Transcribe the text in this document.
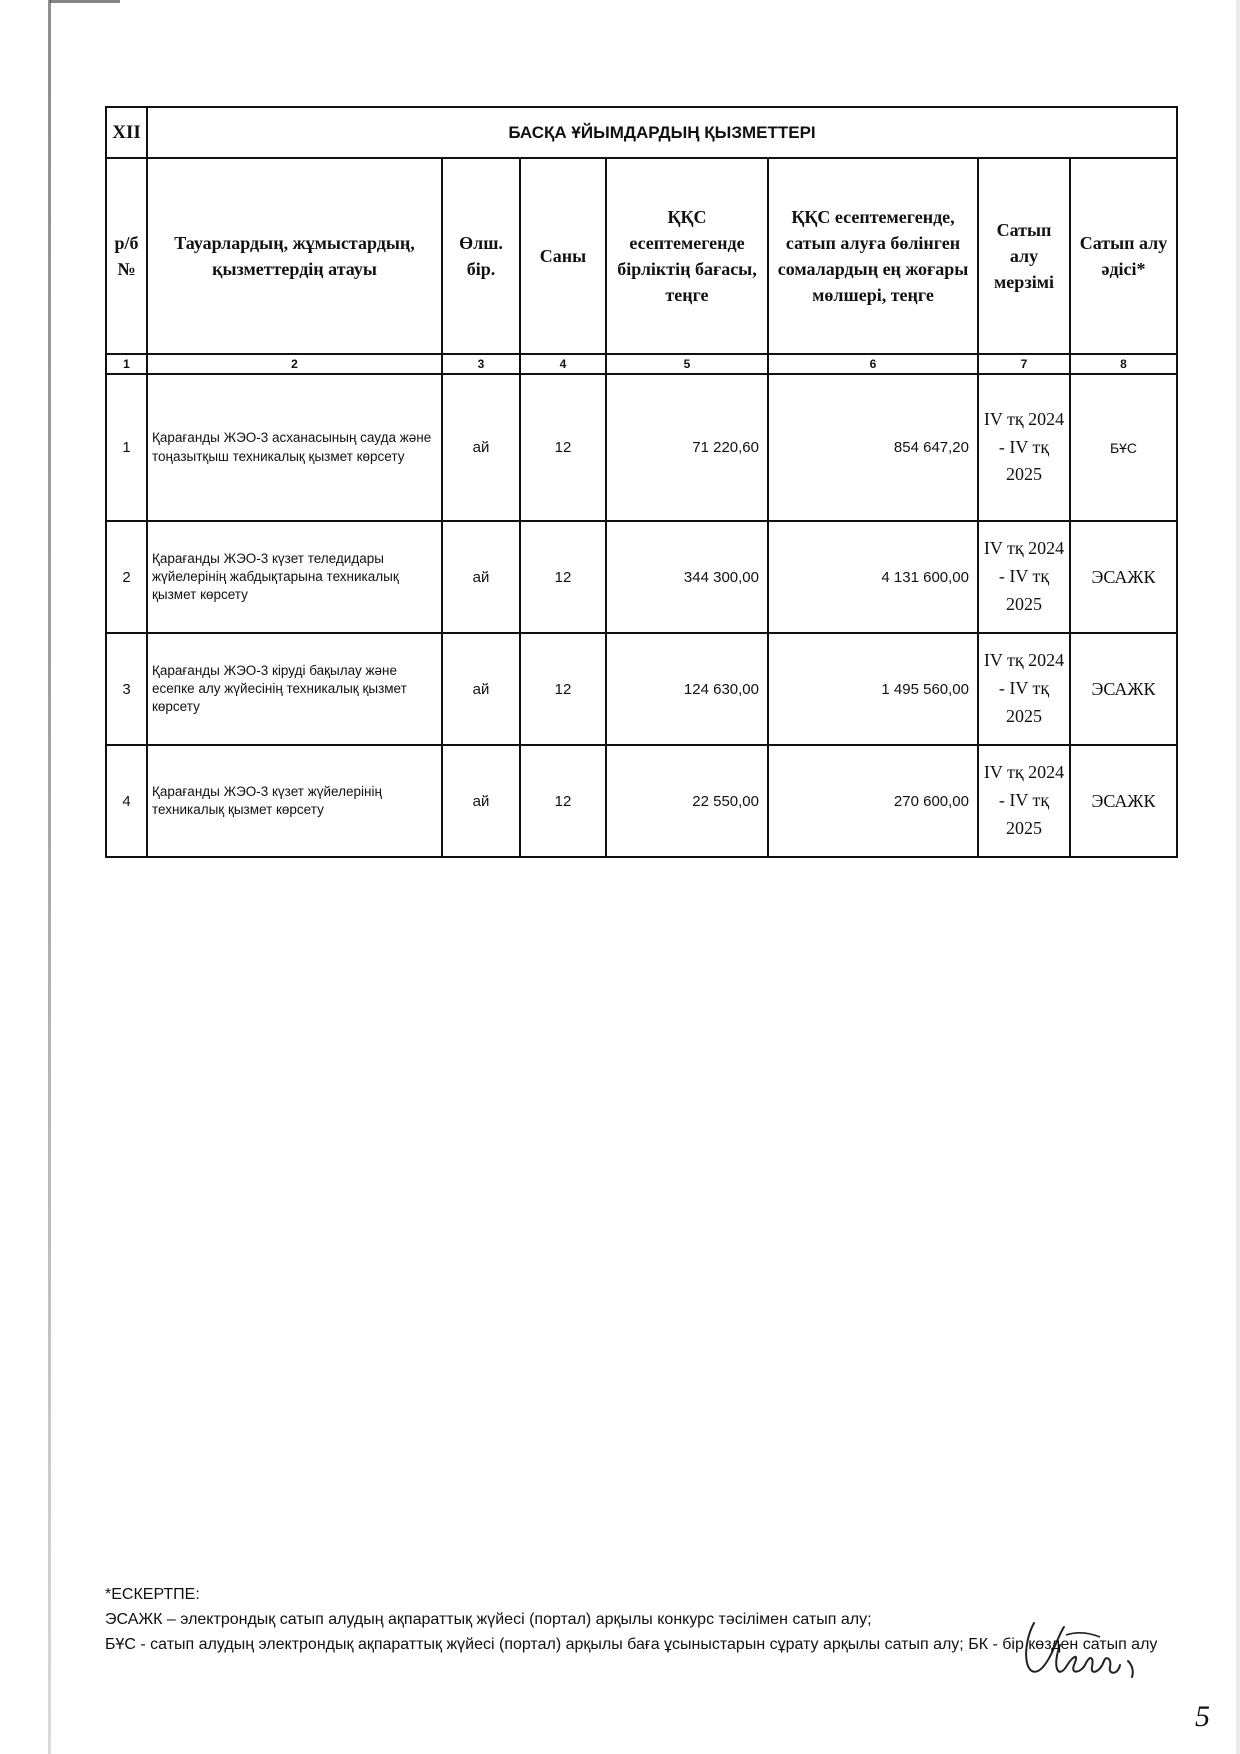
XII	БАСҚА ҰЙЫМДАРДЫҢ ҚЫЗМЕТТЕРІ						
р/б №	Тауарлардың, жұмыстардың, қызметтердің атауы	Өлш. бір.	Саны	ҚҚС есептемегенде бірліктің бағасы, теңге	ҚҚС есептемегенде, сатып алуға бөлінген сомалардың ең жоғары мөлшері, теңге	Сатып алу мерзімі	Сатып алу әдісі*
1	2	3	4	5	6	7	8
1	Қарағанды ЖЭО-3 асханасының сауда және тоңазытқыш техникалық қызмет көрсету	ай	12	71 220,60	854 647,20	IV тқ 2024 - IV тқ 2025	БҰС
2	Қарағанды ЖЭО-3 күзет теледидары жүйелерінің жабдықтарына техникалық қызмет көрсету	ай	12	344 300,00	4 131 600,00	IV тқ 2024 - IV тқ 2025	ЭСАЖК
3	Қарағанды ЖЭО-3 кіруді бақылау және есепке алу жүйесінің техникалық қызмет көрсету	ай	12	124 630,00	1 495 560,00	IV тқ 2024 - IV тқ 2025	ЭСАЖК
4	Қарағанды ЖЭО-3 күзет жүйелерінің техникалық қызмет көрсету	ай	12	22 550,00	270 600,00	IV тқ 2024 - IV тқ 2025	ЭСАЖК

*ЕСКЕРТПЕ:

ЭСАЖК – электрондық сатып алудың ақпараттық жүйесі (портал) арқылы конкурс тәсілімен сатып алу;

БҰС - сатып алудың электрондық ақпараттық жүйесі (портал) арқылы баға ұсыныстарын сұрату арқылы сатып алу; БК - бір көзден сатып алу

5
